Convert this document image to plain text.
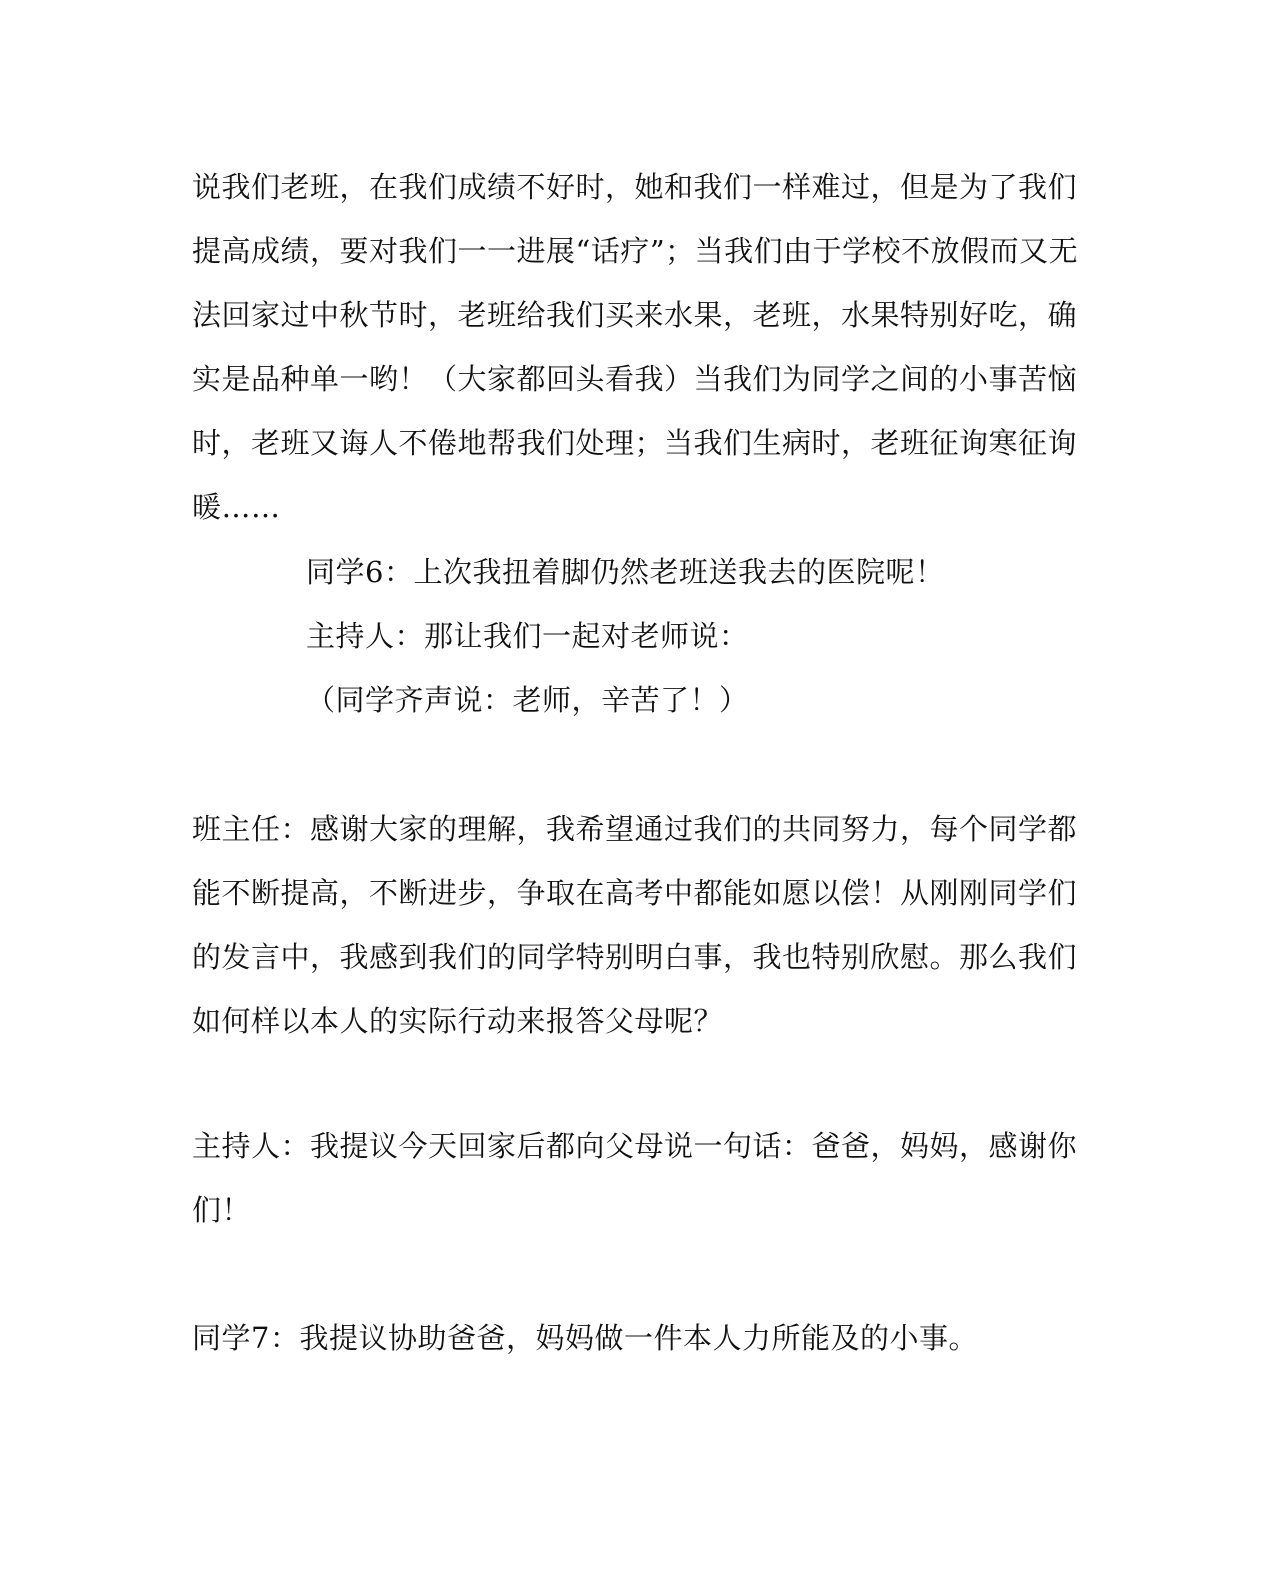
说我们老班，在我们成绩不好时，她和我们一样难过，但是为了我们
提高成绩，要对我们一一进展“话疗”；当我们由于学校不放假而又无
法回家过中秋节时，老班给我们买来水果，老班，水果特别好吃，确
实是品种单一哟！（大家都回头看我）当我们为同学之间的小事苦恼
时，老班又诲人不倦地帮我们处理；当我们生病时，老班征询寒征询
暖……
同学6：上次我扭着脚仍然老班送我去的医院呢！
主持人：那让我们一起对老师说：
（同学齐声说：老师，辛苦了！）
班主任：感谢大家的理解，我希望通过我们的共同努力，每个同学都
能不断提高，不断进步，争取在高考中都能如愿以偿！从刚刚同学们
的发言中，我感到我们的同学特别明白事，我也特别欣慰。那么我们
如何样以本人的实际行动来报答父母呢？
主持人：我提议今天回家后都向父母说一句话：爸爸，妈妈，感谢你
们！
同学7：我提议协助爸爸，妈妈做一件本人力所能及的小事。
